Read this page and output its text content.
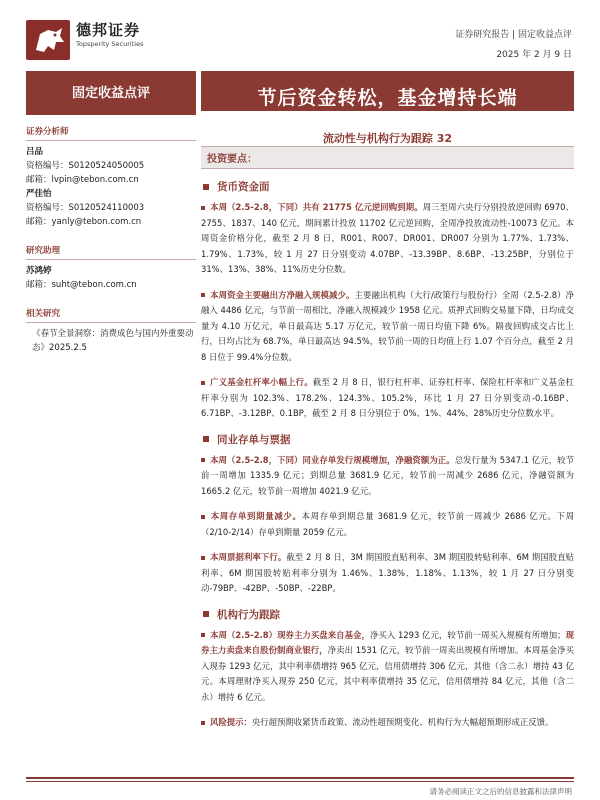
德邦证券
Topsperity Securities
证券研究报告 | 固定收益点评
2025 年 2 月 9 日
固定收益点评	节后资金转松，基金增持长端
流动性与机构行为跟踪 32
证券分析师
吕品
资格编号：S0120524050005
邮箱：lvpin@tebon.com.cn
严佳怡
资格编号：S0120524110003
邮箱：yanly@tebon.com.cn
研究助理
苏鸿婷
邮箱：suht@tebon.com.cn
相关研究
《春节全景洞察：消费成色与国内外重要动态》2025.2.5
投资要点：
货币资金面
本周（2.5-2.8，下同）共有 21775 亿元逆回购到期。周三至周六央行分别投放逆回购 6970、2755、1837、140 亿元，期间累计投放 11702 亿元逆回购，全周净投放流动性-10073 亿元。本周资金价格分化，截至 2 月 8 日，R001、R007、DR001、DR007 分别为 1.77%、1.73%、1.79%、1.73%，较 1 月 27 日分别变动 4.07BP、-13.39BP、8.6BP、-13.25BP，分别位于 31%、13%、38%、11%历史分位数。
本周资金主要融出方净融入规模减少。主要融出机构（大行/政策行与股份行）全周（2.5-2.8）净融入 4486 亿元，与节前一周相比，净融入规模减少 1958 亿元。质押式回购交易量下降，日均成交量为 4.10 万亿元，单日最高达 5.17 万亿元，较节前一周日均值下降 6%。隔夜回购成交占比上行，日均占比为 68.7%，单日最高达 94.5%，较节前一周的日均值上行 1.07 个百分点，截至 2 月 8 日位于 99.4%分位数。
广义基金杠杆率小幅上行。截至 2 月 8 日，银行杠杆率、证券杠杆率、保险杠杆率和广义基金杠杆率分别为 102.3%、178.2%、124.3%、105.2%，环比 1 月 27 日分别变动-0.16BP、6.71BP、-3.12BP、0.1BP，截至 2 月 8 日分别位于 0%、1%、44%、28%历史分位数水平。
同业存单与票据
本周（2.5-2.8，下同）同业存单发行规模增加，净融资额为正。总发行量为 5347.1 亿元，较节前一周增加 1335.9 亿元；到期总量 3681.9 亿元，较节前一周减少 2686 亿元，净融资额为 1665.2 亿元，较节前一周增加 4021.9 亿元。
本周存单到期量减少。本周存单到期总量 3681.9 亿元，较节前一周减少 2686 亿元。下周（2/10-2/14）存单到期量 2059 亿元。
本周票据利率下行。截至 2 月 8 日，3M 期国股直贴利率、3M 期国股转贴利率、6M 期国股直贴利率、6M 期国股转贴利率分别为 1.46%、1.38%、1.18%、1.13%，较 1 月 27 日分别变动-79BP、-42BP、-50BP、-22BP。
机构行为跟踪
本周（2.5-2.8）现券主力买盘来自基金，净买入 1293 亿元，较节前一周买入规模有所增加；现券主力卖盘来自股份制商业银行，净卖出 1531 亿元，较节前一周卖出规模有所增加。本周基金净买入现券 1293 亿元，其中利率债增持 965 亿元，信用债增持 306 亿元，其他（含二永）增持 43 亿元。本周理财净买入现券 250 亿元，其中利率债增持 35 亿元，信用债增持 84 亿元，其他（含二永）增持 6 亿元。
风险提示：央行超预期收紧货币政策、流动性超预期变化、机构行为大幅超预期形成正反馈。
请务必阅读正文之后的信息披露和法律声明
